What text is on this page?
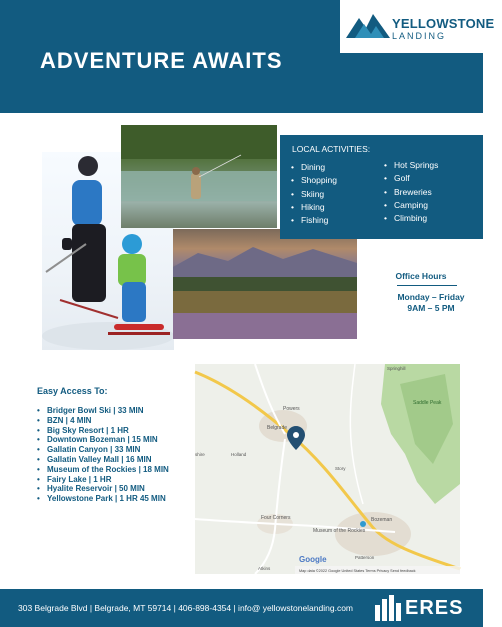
ADVENTURE AWAITS
YELLOWSTONE
LANDING
LOCAL ACTIVITIES:
• Dining
• Shopping
• Skiing
• Hiking
• Fishing
• Hot Springs
• Golf
• Breweries
• Camping
• Climbing
Office Hours
Monday – Friday
9AM – 5 PM
Easy Access To:
• Bridger Bowl Ski | 33 MIN
• BZN | 4 MIN
• Big Sky Resort | 1 HR
• Downtown Bozeman | 15 MIN
• Gallatin Canyon | 33 MIN
• Gallatin Valley Mall | 16 MIN
• Museum of the Rockies | 18 MIN
• Fairy Lake | 1 HR
• Hyalite Reservoir | 50 MIN
• Yellowstone Park | 1 HR 45 MIN
Springhill
Powers
Belgrade
Saddle Peak
Holland
shire
Story
Four Corners	Bozeman
Museum of the Rockies
Patterson
Atkins
Google
Map data ©2022 Google United States Terms Privacy Send feedback
303 Belgrade Blvd | Belgrade, MT 59714 | 406-898-4354 | info@ yellowstonelanding.com	ERES
